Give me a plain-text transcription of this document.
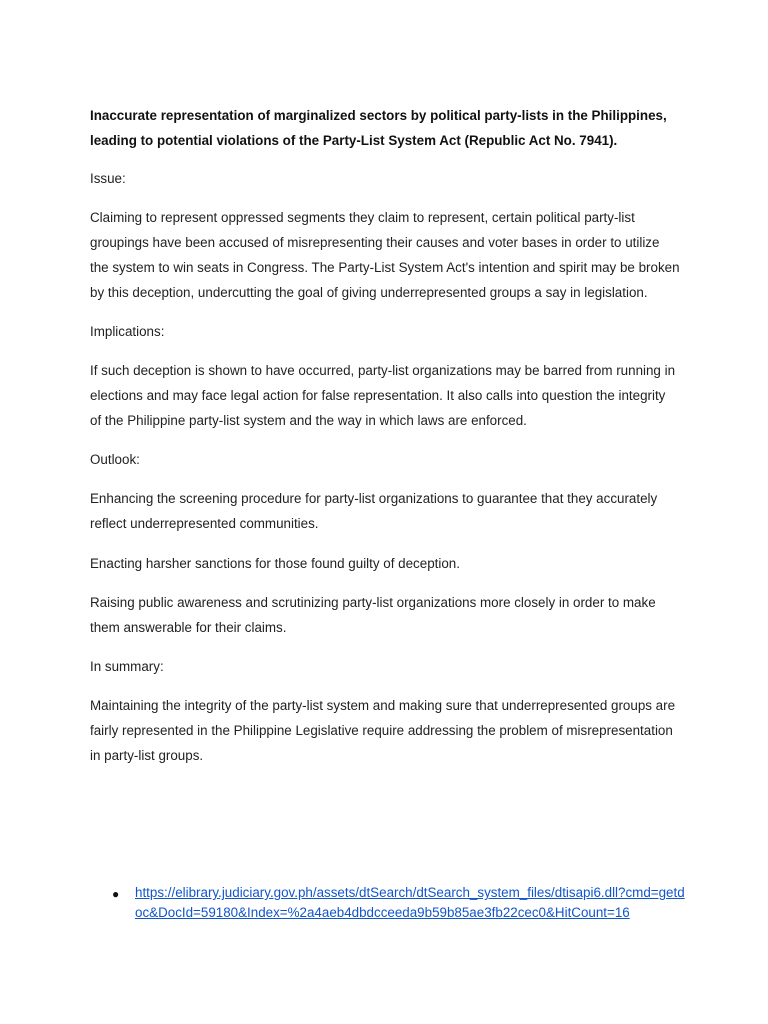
Inaccurate representation of marginalized sectors by political party-lists in the Philippines, leading to potential violations of the Party-List System Act (Republic Act No. 7941).

Issue:

Claiming to represent oppressed segments they claim to represent, certain political party-list groupings have been accused of misrepresenting their causes and voter bases in order to utilize the system to win seats in Congress. The Party-List System Act's intention and spirit may be broken by this deception, undercutting the goal of giving underrepresented groups a say in legislation.

Implications:

If such deception is shown to have occurred, party-list organizations may be barred from running in elections and may face legal action for false representation. It also calls into question the integrity of the Philippine party-list system and the way in which laws are enforced.

Outlook:

Enhancing the screening procedure for party-list organizations to guarantee that they accurately reflect underrepresented communities.

Enacting harsher sanctions for those found guilty of deception.

Raising public awareness and scrutinizing party-list organizations more closely in order to make them answerable for their claims.

In summary:

Maintaining the integrity of the party-list system and making sure that underrepresented groups are fairly represented in the Philippine Legislative require addressing the problem of misrepresentation in party-list groups.

● https://elibrary.judiciary.gov.ph/assets/dtSearch/dtSearch_system_files/dtisapi6.dll?cmd=getdoc&DocId=59180&Index=%2a4aeb4dbdcceeda9b59b85ae3fb22cec0&HitCount=16
